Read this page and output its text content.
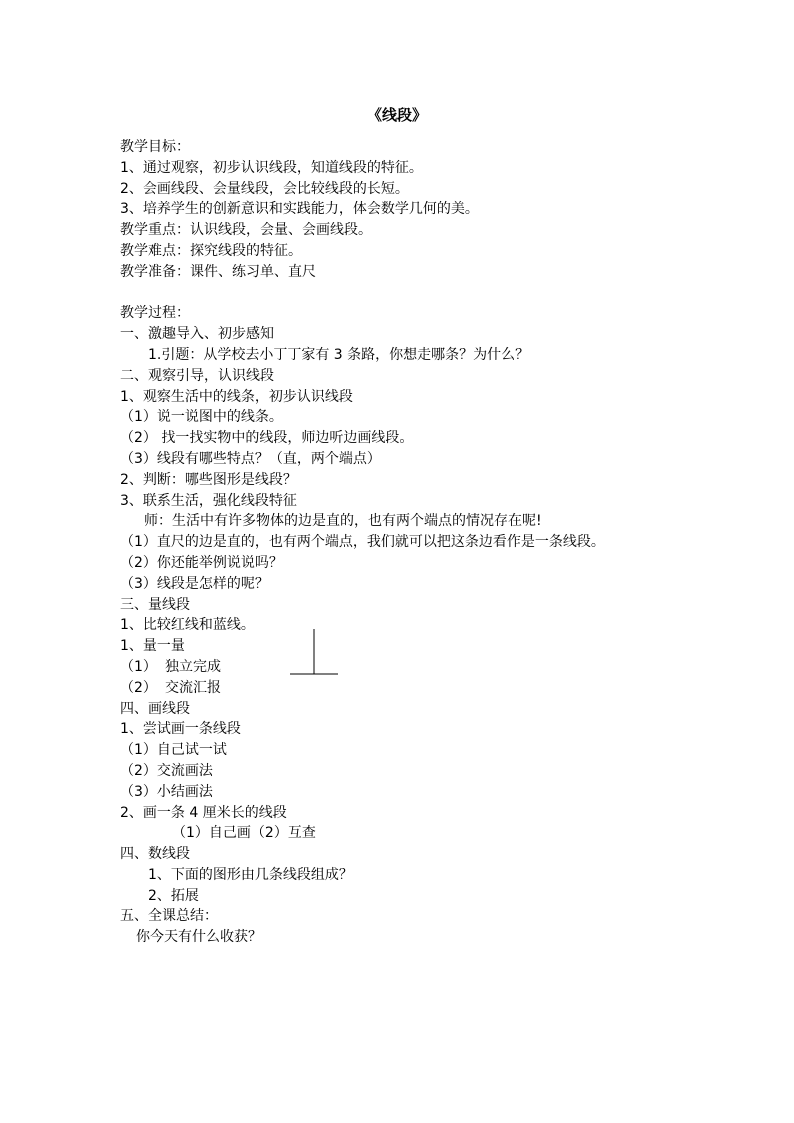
《线段》
教学目标：
1、通过观察，初步认识线段，知道线段的特征。
2、会画线段、会量线段，会比较线段的长短。
3、培养学生的创新意识和实践能力，体会数学几何的美。
教学重点：认识线段，会量、会画线段。
教学难点：探究线段的特征。
教学准备：课件、练习单、直尺
教学过程：
一、激趣导入、初步感知
1.引题：从学校去小丁丁家有 3 条路，你想走哪条？为什么？
二、观察引导，认识线段
1、观察生活中的线条，初步认识线段
（1）说一说图中的线条。
（2） 找一找实物中的线段，师边听边画线段。
（3）线段有哪些特点？（直，两个端点）
2、判断：哪些图形是线段？
3、联系生活，强化线段特征
师：生活中有许多物体的边是直的，也有两个端点的情况存在呢!
（1）直尺的边是直的，也有两个端点，我们就可以把这条边看作是一条线段。
（2）你还能举例说说吗？
（3）线段是怎样的呢？
三、量线段
1、比较红线和蓝线。
1、量一量
（1） 独立完成
（2） 交流汇报
四、画线段
1、尝试画一条线段
（1）自己试一试
（2）交流画法
（3）小结画法
2、画一条 4 厘米长的线段
（1）自己画（2）互查
四、数线段
1、下面的图形由几条线段组成？
2、拓展
五、全课总结：
你今天有什么收获？
